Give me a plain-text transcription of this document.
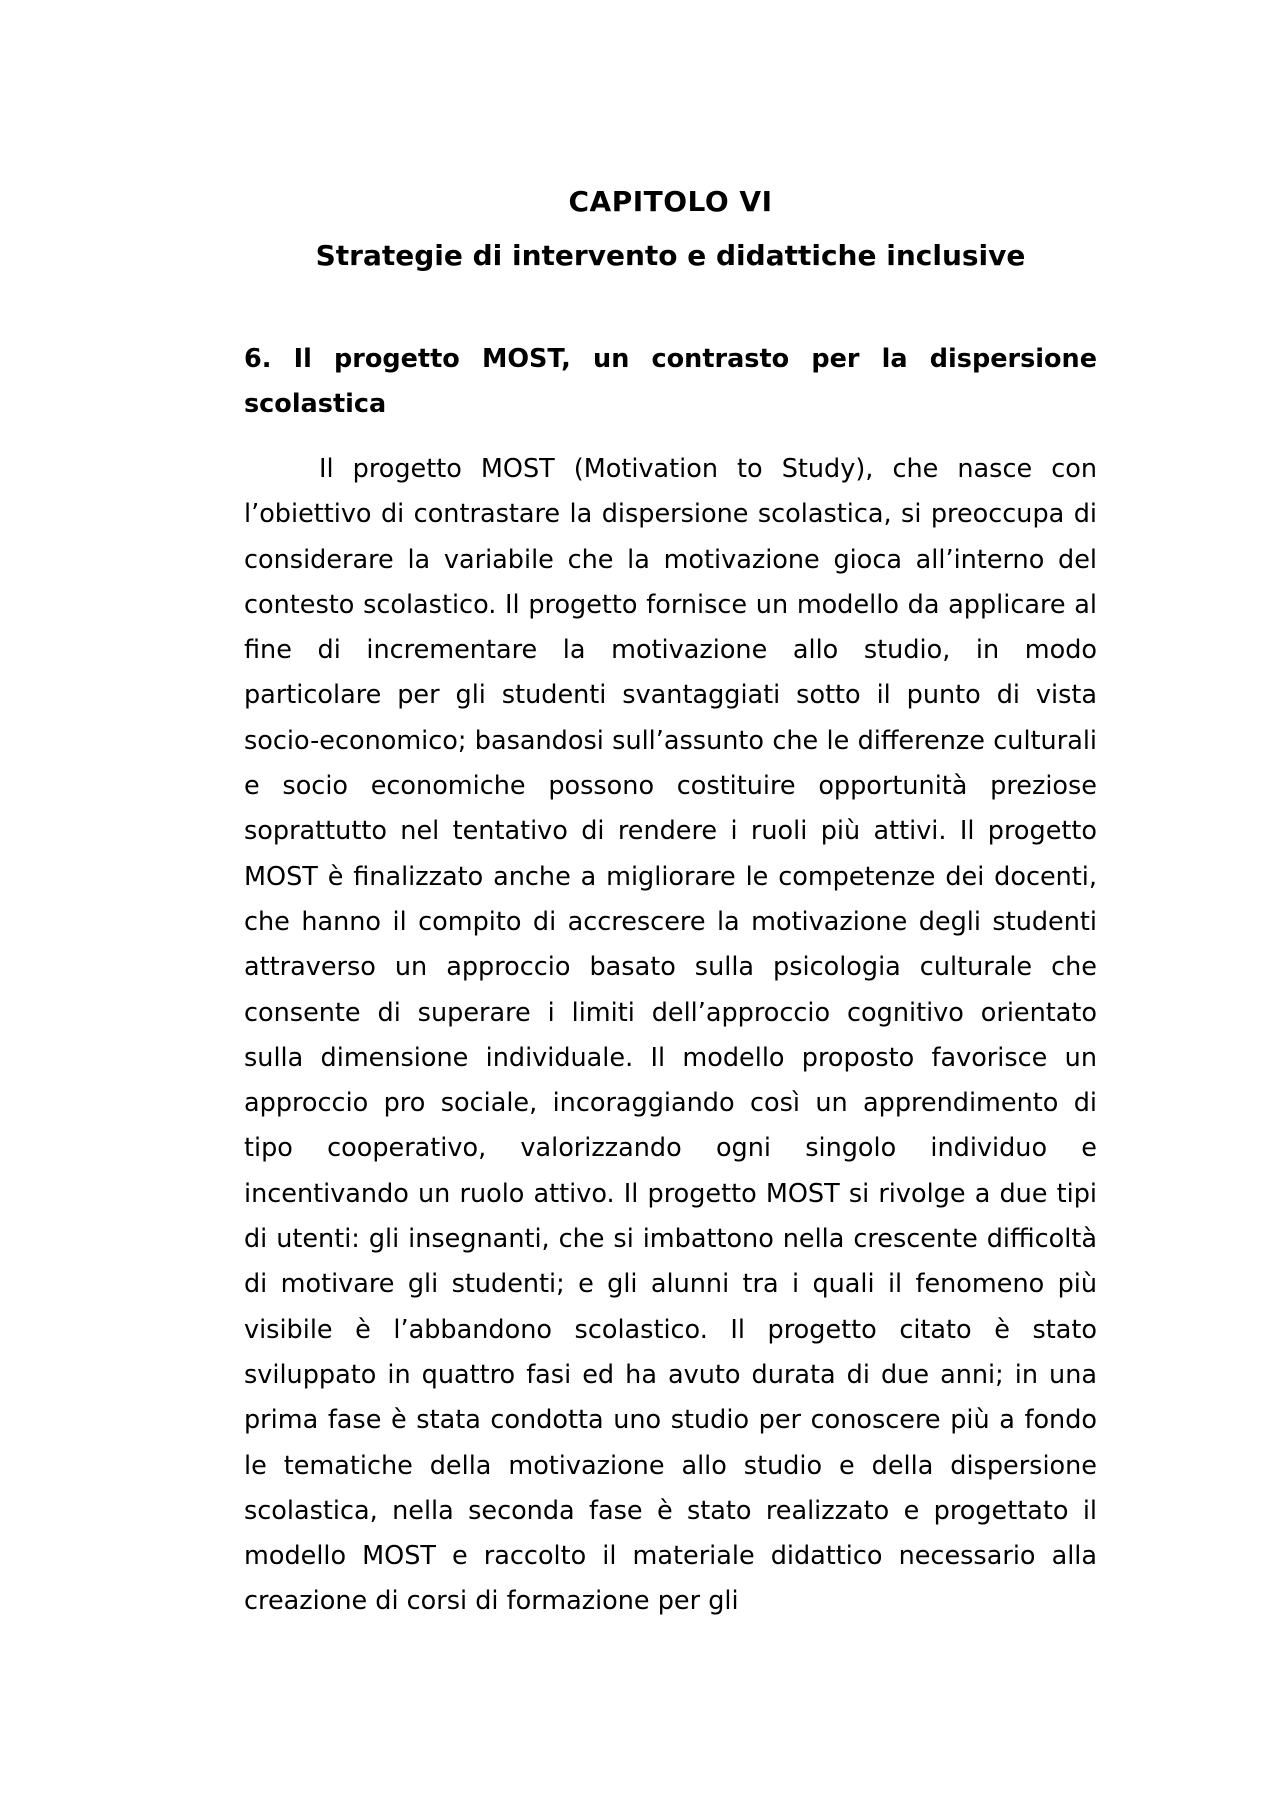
CAPITOLO VI
Strategie di intervento e didattiche inclusive
6. Il progetto MOST, un contrasto per la dispersione scolastica

Il progetto MOST (Motivation to Study), che nasce con l’obiettivo di contrastare la dispersione scolastica, si preoccupa di considerare la variabile che la motivazione gioca all’interno del contesto scolastico. Il progetto fornisce un modello da applicare al fine di incrementare la motivazione allo studio, in modo particolare per gli studenti svantaggiati sotto il punto di vista socio-economico; basandosi sull’assunto che le differenze culturali e socio economiche possono costituire opportunità preziose soprattutto nel tentativo di rendere i ruoli più attivi. Il progetto MOST è finalizzato anche a migliorare le competenze dei docenti, che hanno il compito di accrescere la motivazione degli studenti attraverso un approccio basato sulla psicologia culturale che consente di superare i limiti dell’approccio cognitivo orientato sulla dimensione individuale. Il modello proposto favorisce un approccio pro sociale, incoraggiando così un apprendimento di tipo cooperativo, valorizzando ogni singolo individuo e incentivando un ruolo attivo. Il progetto MOST si rivolge a due tipi di utenti: gli insegnanti, che si imbattono nella crescente difficoltà di motivare gli studenti; e gli alunni tra i quali il fenomeno più visibile è l’abbandono scolastico. Il progetto citato è stato sviluppato in quattro fasi ed ha avuto durata di due anni; in una prima fase è stata condotta uno studio per conoscere più a fondo le tematiche della motivazione allo studio e della dispersione scolastica, nella seconda fase è stato realizzato e progettato il modello MOST e raccolto il materiale didattico necessario alla creazione di corsi di formazione per gli
